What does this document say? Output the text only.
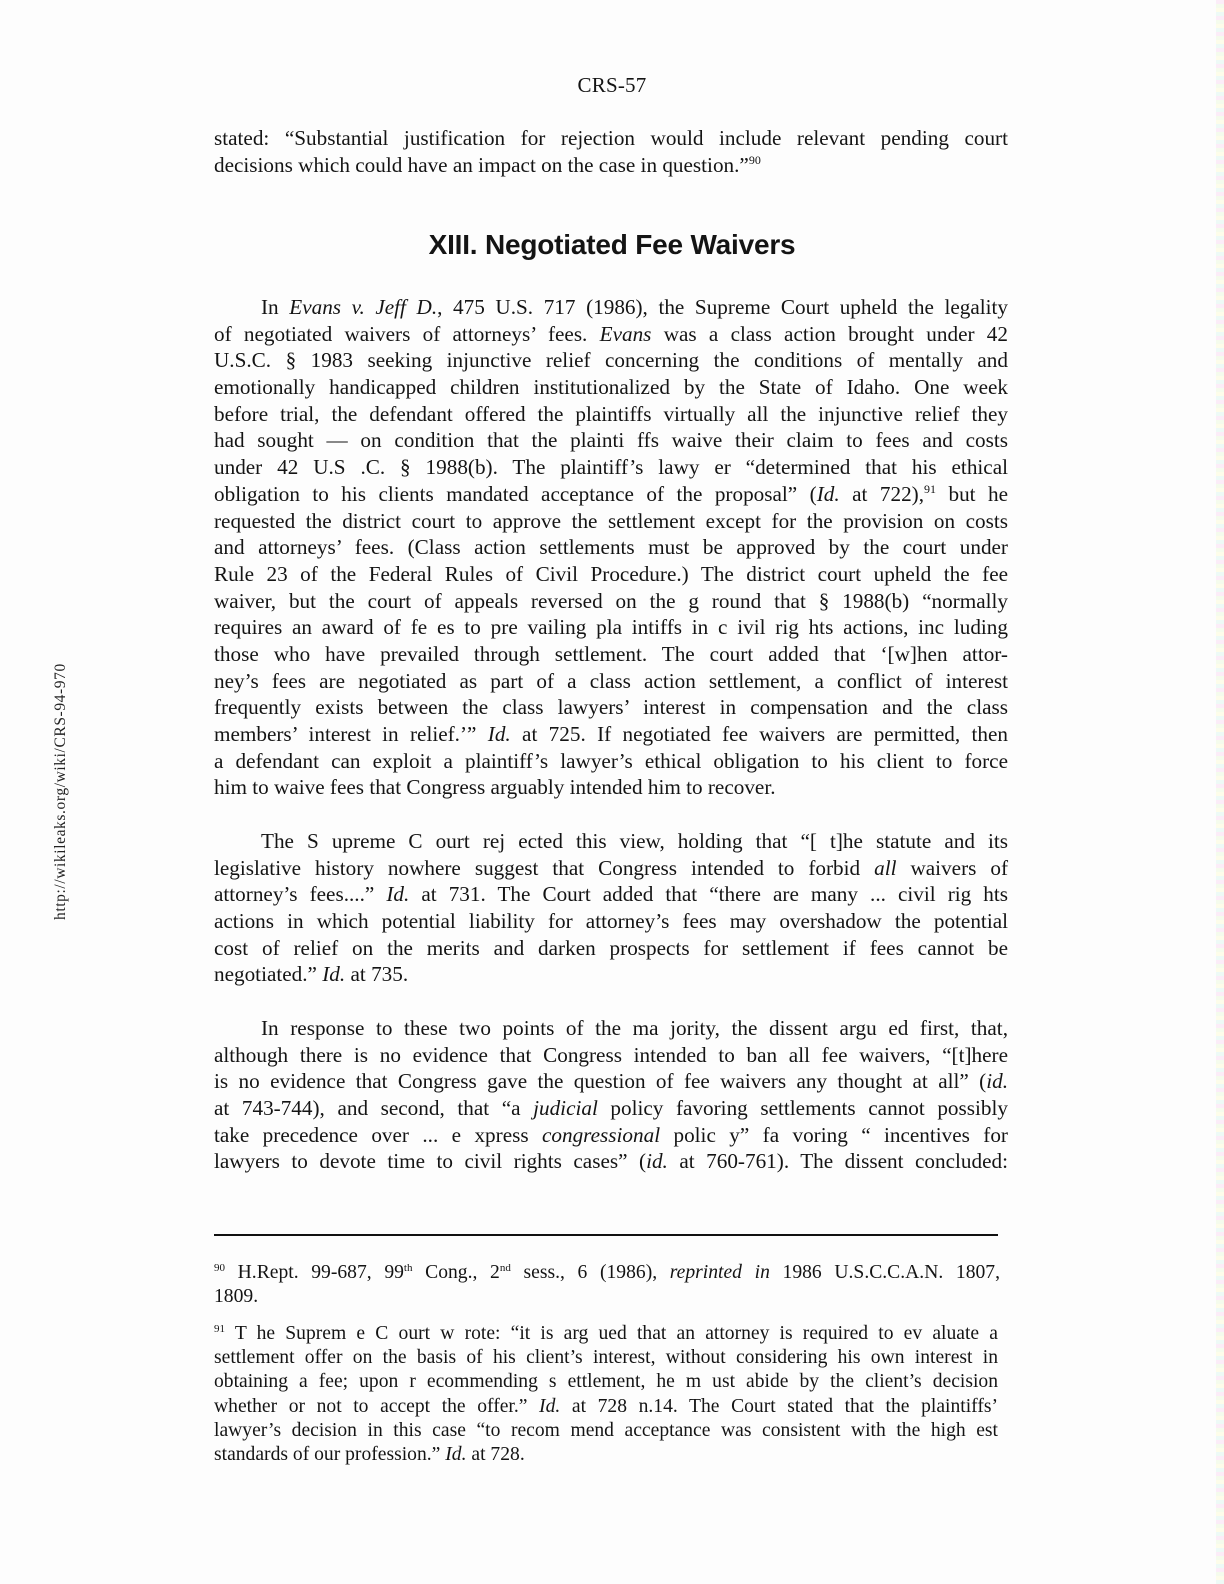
CRS-57
http://wikileaks.org/wiki/CRS-94-970
stated: “Substantial justification for rejection would include relevant pending court
decisions which could have an impact on the case in question.”$^{90}$
XIII. Negotiated Fee Waivers
In Evans v. Jeff D., 475 U.S. 717 (1986), the Supreme Court upheld the legality
of negotiated waivers of attorneys’ fees. Evans was a class action brought under 42
U.S.C. § 1983 seeking injunctive relief concerning the conditions of mentally and
emotionally handicapped children institutionalized by the State of Idaho. One week
before trial, the defendant offered the plaintiffs virtually all the injunctive relief they
had sought — on condition that the plainti ffs waive their claim to fees and costs
under 42 U.S .C. § 1988(b). The plaintiff’s lawy er “determined that his ethical
obligation to his clients mandated acceptance of the proposal” (Id. at 722),$^{91}$ but he
requested the district court to approve the settlement except for the provision on costs
and attorneys’ fees. (Class action settlements must be approved by the court under
Rule 23 of the Federal Rules of Civil Procedure.) The district court upheld the fee
waiver, but the court of appeals reversed on the g round that § 1988(b) “normally
requires an award of fe es to pre vailing pla intiffs in c ivil rig hts actions, inc luding
those who have prevailed through settlement. The court added that ‘[w]hen attor-
ney’s fees are negotiated as part of a class action settlement, a conflict of interest
frequently exists between the class lawyers’ interest in compensation and the class
members’ interest in relief.’” Id. at 725. If negotiated fee waivers are permitted, then
a defendant can exploit a plaintiff’s lawyer’s ethical obligation to his client to force
him to waive fees that Congress arguably intended him to recover.
The S upreme C ourt rej ected this view, holding that “[ t]he statute and its
legislative history nowhere suggest that Congress intended to forbid all waivers of
attorney’s fees....” Id. at 731. The Court added that “there are many ... civil rig hts
actions in which potential liability for attorney’s fees may overshadow the potential
cost of relief on the merits and darken prospects for settlement if fees cannot be
negotiated.” Id. at 735.
In response to these two points of the ma jority, the dissent argu ed first, that,
although there is no evidence that Congress intended to ban all fee waivers, “[t]here
is no evidence that Congress gave the question of fee waivers any thought at all” (id.
at 743-744), and second, that “a judicial policy favoring settlements cannot possibly
take precedence over ... e xpress congressional polic y” fa voring “ incentives for
lawyers to devote time to civil rights cases” (id. at 760-761). The dissent concluded:
$^{90}$ H.Rept. 99-687, 99th Cong., 2nd sess., 6 (1986), reprinted in 1986 U.S.C.C.A.N. 1807,
1809.
$^{91}$ T he Suprem e C ourt w rote: “it is arg ued that an attorney is required to ev aluate a
settlement offer on the basis of his client’s interest, without considering his own interest in
obtaining a fee; upon r ecommending s ettlement, he m ust abide by the client’s decision
whether or not to accept the offer.” Id. at 728 n.14. The Court stated that the plaintiffs’
lawyer’s decision in this case “to recom mend acceptance was consistent with the high est
standards of our profession.” Id. at 728.
